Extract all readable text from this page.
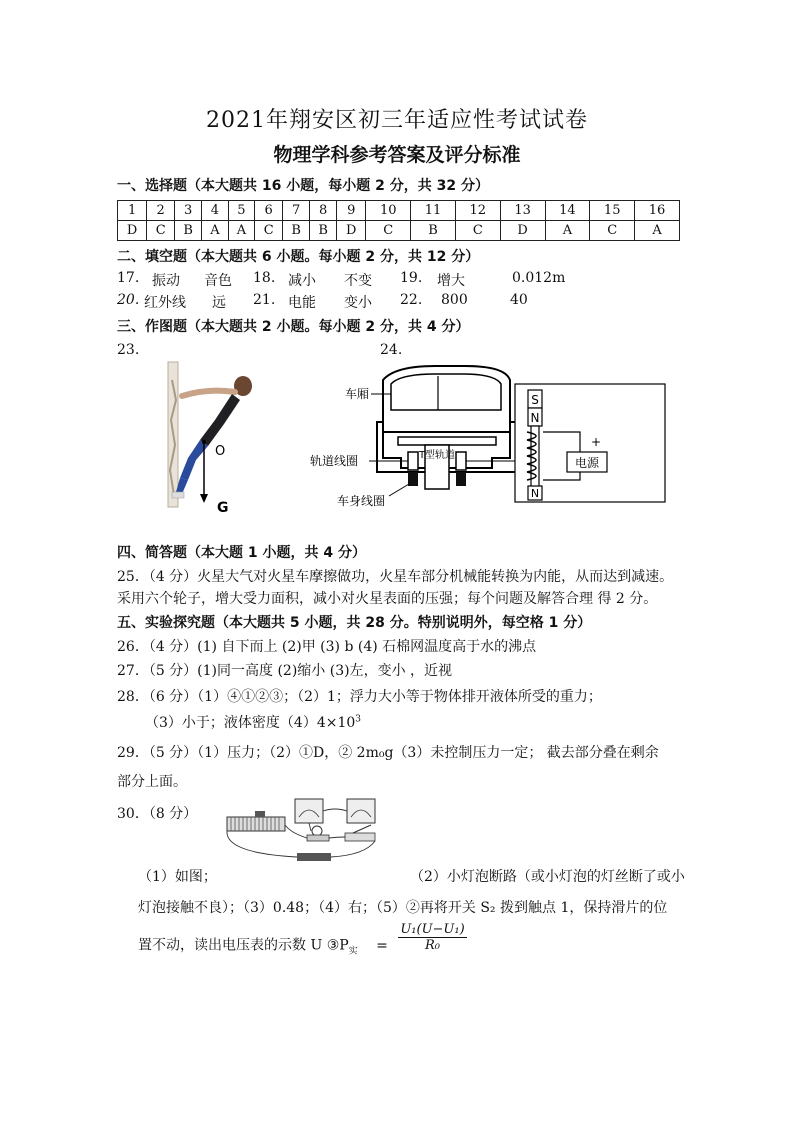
2021年翔安区初三年适应性考试试卷
物理学科参考答案及评分标准
一、选择题（本大题共 16 小题，每小题 2 分，共 32 分）
1	2	3	4	5	6	7	8	9	10	11	12	13	14	15	16
D	C	B	A	A	C	B	B	D	C	B	C	D	A	C	A
二、填空题（本大题共 6 小题。每小题 2 分，共 12 分）
17. 振动 音色 18. 减小 不变 19. 增大	0.012m
20. 红外线 远 21. 电能 变小 22. 800	40
三、作图题（本大题共 2 小题。每小题 2 分，共 4 分）
23.	24.
O
G
T型轨道
车厢
轨道线圈
车身线圈
S
N
N
电源
+
四、简答题（本大题 1 小题，共 4 分）
25．（4 分）火星大气对火星车摩擦做功，火星车部分机械能转换为内能，从而达到减速。
采用六个轮子，增大受力面积，减小对火星表面的压强；每个问题及解答合理 得 2 分。
五、实验探究题（本大题共 5 小题，共 28 分。特别说明外，每空格 1 分）
26．（4 分）(1) 自下而上 (2)甲 (3) b (4) 石棉网温度高于水的沸点
27．（5 分）(1)同一高度 (2)缩小 (3)左，变小 ，近视
28．（6 分）（1）④①②③；（2）1；浮力大小等于物体排开液体所受的重力；
（3）小于；液体密度$(4)4\times 10^3$
29．（5 分）（1）压力；（2）①D，② 2m₀g（3）未控制压力一定； 截去部分叠在剩余
部分上面。
30．（8 分）
（1）如图；	（2）小灯泡断路（或小灯泡的灯丝断了或小
灯泡接触不良）；（3）0.48；（4）右；（5）②再将开关 S₂ 拨到触点 1，保持滑片的位
置不动，读出电压表的示数 U $③P_实 = \frac{\text{U₁(U−U₁)}}{\text{R₀}}$
